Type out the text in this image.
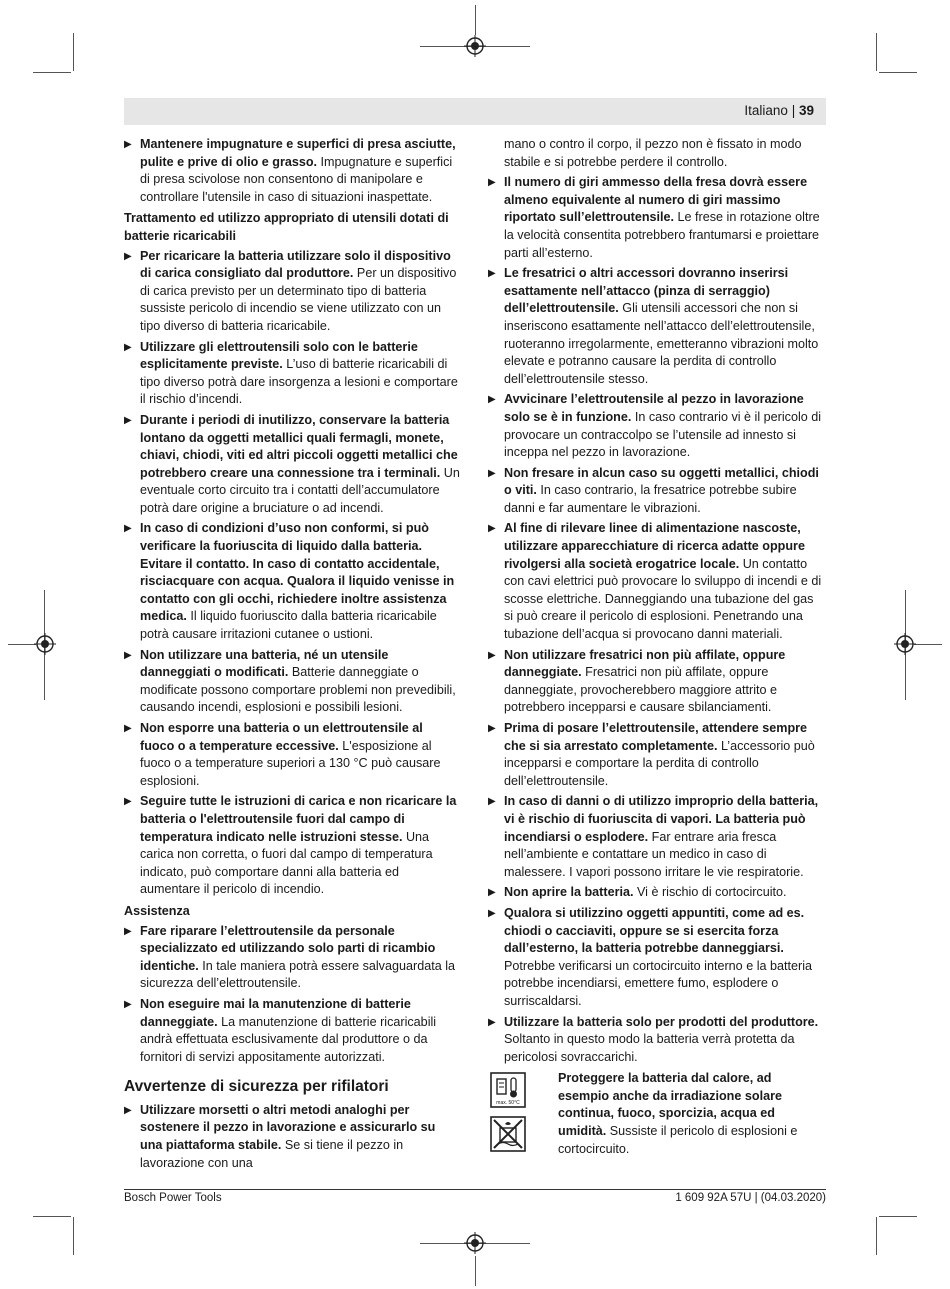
Italiano | 39
▶ Mantenere impugnature e superfici di presa asciutte, pulite e prive di olio e grasso. Impugnature e superfici di presa scivolose non consentono di manipolare e controllare l'utensile in caso di situazioni inaspettate.
Trattamento ed utilizzo appropriato di utensili dotati di batterie ricaricabili
▶ Per ricaricare la batteria utilizzare solo il dispositivo di carica consigliato dal produttore. Per un dispositivo di carica previsto per un determinato tipo di batteria sussiste pericolo di incendio se viene utilizzato con un tipo diverso di batteria ricaricabile.
▶ Utilizzare gli elettroutensili solo con le batterie esplicitamente previste. L’uso di batterie ricaricabili di tipo diverso potrà dare insorgenza a lesioni e comportare il rischio d’incendi.
▶ Durante i periodi di inutilizzo, conservare la batteria lontano da oggetti metallici quali fermagli, monete, chiavi, chiodi, viti ed altri piccoli oggetti metallici che potrebbero creare una connessione tra i terminali. Un eventuale corto circuito tra i contatti dell’accumulatore potrà dare origine a bruciature o ad incendi.
▶ In caso di condizioni d’uso non conformi, si può verificare la fuoriuscita di liquido dalla batteria. Evitare il contatto. In caso di contatto accidentale, risciacquare con acqua. Qualora il liquido venisse in contatto con gli occhi, richiedere inoltre assistenza medica. Il liquido fuoriuscito dalla batteria ricaricabile potrà causare irritazioni cutanee o ustioni.
▶ Non utilizzare una batteria, né un utensile danneggiati o modificati. Batterie danneggiate o modificate possono comportare problemi non prevedibili, causando incendi, esplosioni e possibili lesioni.
▶ Non esporre una batteria o un elettroutensile al fuoco o a temperature eccessive. L'esposizione al fuoco o a temperature superiori a 130 °C può causare esplosioni.
▶ Seguire tutte le istruzioni di carica e non ricaricare la batteria o l'elettroutensile fuori dal campo di temperatura indicato nelle istruzioni stesse. Una carica non corretta, o fuori dal campo di temperatura indicato, può comportare danni alla batteria ed aumentare il pericolo di incendio.
Assistenza
▶ Fare riparare l’elettroutensile da personale specializzato ed utilizzando solo parti di ricambio identiche. In tale maniera potrà essere salvaguardata la sicurezza dell’elettroutensile.
▶ Non eseguire mai la manutenzione di batterie danneggiate. La manutenzione di batterie ricaricabili andrà effettuata esclusivamente dal produttore o da fornitori di servizi appositamente autorizzati.
Avvertenze di sicurezza per rifilatori
▶ Utilizzare morsetti o altri metodi analoghi per sostenere il pezzo in lavorazione e assicurarlo su una piattaforma stabile. Se si tiene il pezzo in lavorazione con una
mano o contro il corpo, il pezzo non è fissato in modo stabile e si potrebbe perdere il controllo.
▶ Il numero di giri ammesso della fresa dovrà essere almeno equivalente al numero di giri massimo riportato sull’elettroutensile. Le frese in rotazione oltre la velocità consentita potrebbero frantumarsi e proiettare parti all’esterno.
▶ Le fresatrici o altri accessori dovranno inserirsi esattamente nell’attacco (pinza di serraggio) dell’elettroutensile. Gli utensili accessori che non si inseriscono esattamente nell’attacco dell’elettroutensile, ruoteranno irregolarmente, emetteranno vibrazioni molto elevate e potranno causare la perdita di controllo dell’elettroutensile stesso.
▶ Avvicinare l’elettroutensile al pezzo in lavorazione solo se è in funzione. In caso contrario vi è il pericolo di provocare un contraccolpo se l’utensile ad innesto si inceppa nel pezzo in lavorazione.
▶ Non fresare in alcun caso su oggetti metallici, chiodi o viti. In caso contrario, la fresatrice potrebbe subire danni e far aumentare le vibrazioni.
▶ Al fine di rilevare linee di alimentazione nascoste, utilizzare apparecchiature di ricerca adatte oppure rivolgersi alla società erogatrice locale. Un contatto con cavi elettrici può provocare lo sviluppo di incendi e di scosse elettriche. Danneggiando una tubazione del gas si può creare il pericolo di esplosioni. Penetrando una tubazione dell’acqua si provocano danni materiali.
▶ Non utilizzare fresatrici non più affilate, oppure danneggiate. Fresatrici non più affilate, oppure danneggiate, provocherebbero maggiore attrito e potrebbero incepparsi e causare sbilanciamenti.
▶ Prima di posare l’elettroutensile, attendere sempre che si sia arrestato completamente. L’accessorio può incepparsi e comportare la perdita di controllo dell’elettroutensile.
▶ In caso di danni o di utilizzo improprio della batteria, vi è rischio di fuoriuscita di vapori. La batteria può incendiarsi o esplodere. Far entrare aria fresca nell’ambiente e contattare un medico in caso di malessere. I vapori possono irritare le vie respiratorie.
▶ Non aprire la batteria. Vi è rischio di cortocircuito.
▶ Qualora si utilizzino oggetti appuntiti, come ad es. chiodi o cacciaviti, oppure se si esercita forza dall’esterno, la batteria potrebbe danneggiarsi. Potrebbe verificarsi un cortocircuito interno e la batteria potrebbe incendiarsi, emettere fumo, esplodere o surriscaldarsi.
▶ Utilizzare la batteria solo per prodotti del produttore. Soltanto in questo modo la batteria verrà protetta da pericolosi sovraccarichi.
max. 50°C

Proteggere la batteria dal calore, ad esempio anche da irradiazione solare continua, fuoco, sporcizia, acqua ed umidità. Sussiste il pericolo di esplosioni e cortocircuito.
Bosch Power Tools	1 609 92A 57U | (04.03.2020)
